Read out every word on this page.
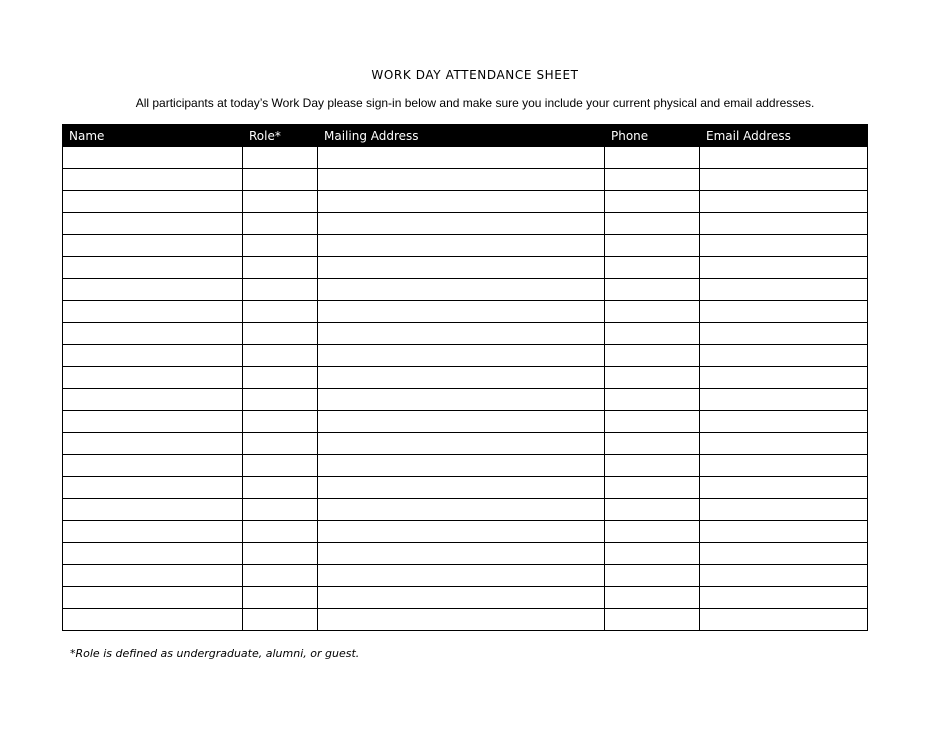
WORK DAY ATTENDANCE SHEET
All participants at today’s Work Day please sign-in below and make sure you include your current physical and email addresses.
Name	Role*	Mailing Address	Phone	Email Address

*Role is defined as undergraduate, alumni, or guest.
